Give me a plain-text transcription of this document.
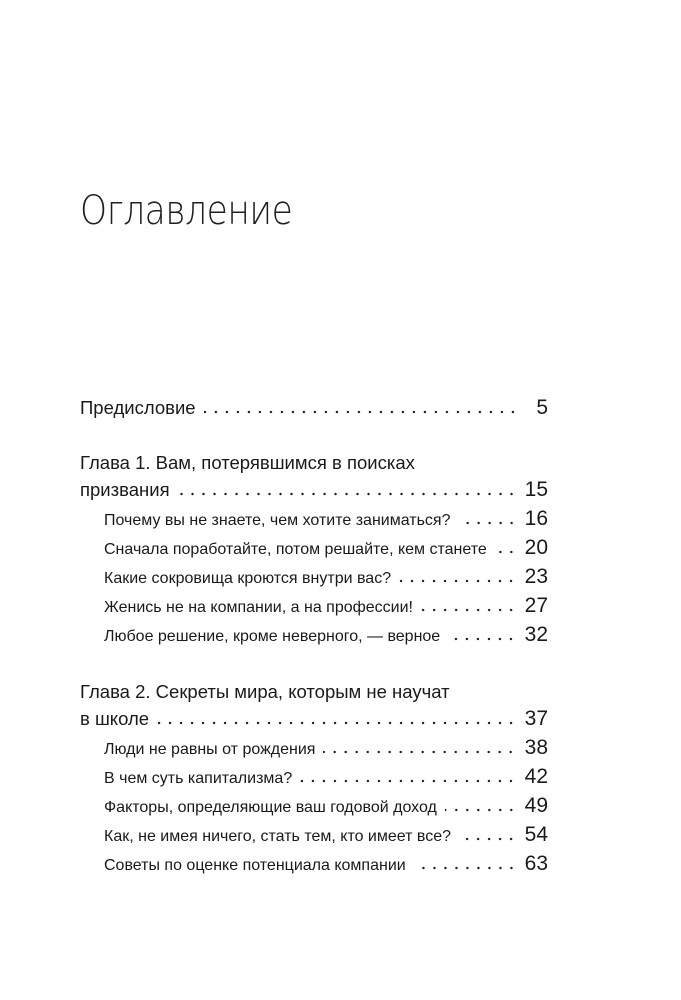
Оглавление
Предисловие	5
Глава 1. Вам, потерявшимся в поисках
призвания	15
Почему вы не знаете, чем хотите заниматься?	16
Сначала поработайте, потом решайте, кем станете 20
Какие сокровища кроются внутри вас?	23
Женись не на компании, а на профессии!	27
Любое решение, кроме неверного, — верное	32
Глава 2. Секреты мира, которым не научат
в школе	37
Люди не равны от рождения	38
В чем суть капитализма?	42
Факторы, определяющие ваш годовой доход	49
Как, не имея ничего, стать тем, кто имеет все?	54
Советы по оценке потенциала компании	63
